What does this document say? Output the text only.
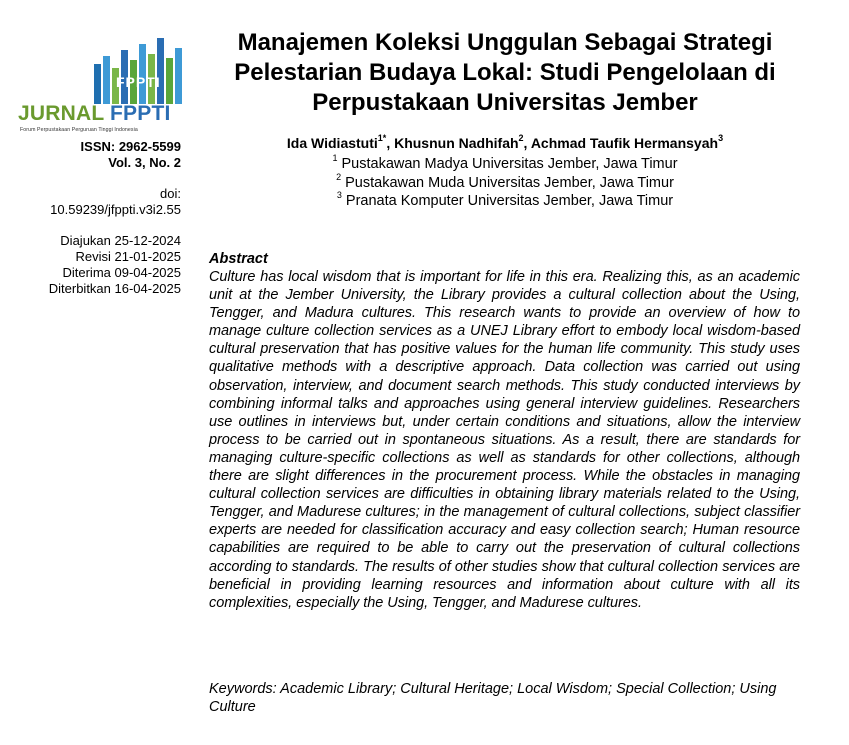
FPPTI
JURNAL FPPTI
Forum Perpustakaan Perguruan Tinggi Indonesia
ISSN: 2962-5599
Vol. 3, No. 2
doi:
10.59239/jfppti.v3i2.55
Diajukan 25-12-2024
Revisi 21-01-2025
Diterima 09-04-2025
Diterbitkan 16-04-2025
Manajemen Koleksi Unggulan Sebagai Strategi Pelestarian Budaya Lokal: Studi Pengelolaan di Perpustakaan Universitas Jember
Ida Widiastuti$^{1*}$, Khusnun Nadhifah$^2$, Achmad Taufik Hermansyah$^3$
$^1$ Pustakawan Madya Universitas Jember, Jawa Timur
$^2$ Pustakawan Muda Universitas Jember, Jawa Timur
$^3$ Pranata Komputer Universitas Jember, Jawa Timur
Abstract

Culture has local wisdom that is important for life in this era. Realizing this, as an academic unit at the Jember University, the Library provides a cultural collection about the Using, Tengger, and Madura cultures. This research wants to provide an overview of how to manage culture collection services as a UNEJ Library effort to embody local wisdom-based cultural preservation that has positive values for the human life community. This study uses qualitative methods with a descriptive approach. Data collection was carried out using observation, interview, and document search methods. This study conducted interviews by combining informal talks and approaches using general interview guidelines. Researchers use outlines in interviews but, under certain conditions and situations, allow the interview process to be carried out in spontaneous situations. As a result, there are standards for managing culture-specific collections as well as standards for other collections, although there are slight differences in the procurement process. While the obstacles in managing cultural collection services are difficulties in obtaining library materials related to the Using, Tengger, and Madurese cultures; in the management of cultural collections, subject classifier experts are needed for classification accuracy and easy collection search; Human resource capabilities are required to be able to carry out the preservation of cultural collections according to standards. The results of other studies show that cultural collection services are beneficial in providing learning resources and information about culture with all its complexities, especially the Using, Tengger, and Madurese cultures.

Keywords: Academic Library; Cultural Heritage; Local Wisdom; Special Collection; Using Culture
